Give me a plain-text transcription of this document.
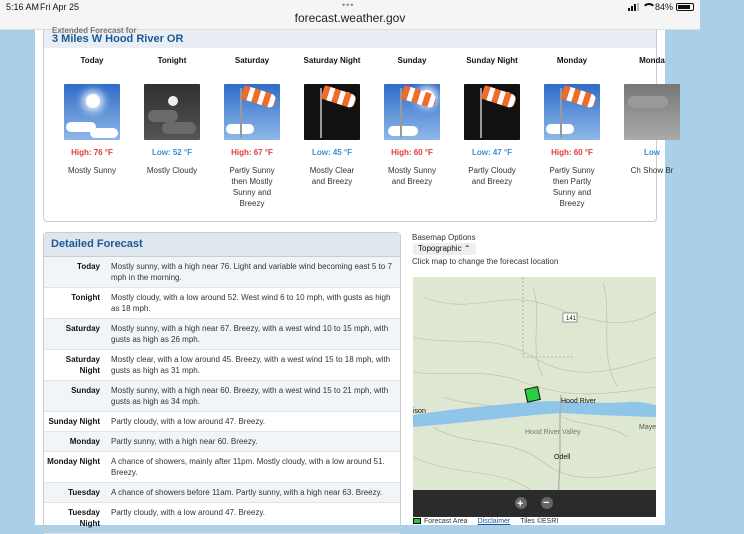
5:16 AM Fri Apr 25	•••	84%
forecast.weather.gov
Extended Forecast for
3 Miles W Hood River OR
Today
High: 76 °F
Mostly Sunny
Tonight
Low: 52 °F
Mostly Cloudy
Saturday
High: 67 °F
Partly Sunny then Mostly Sunny and Breezy
Saturday Night
Low: 45 °F
Mostly Clear and Breezy
Sunday
High: 60 °F
Mostly Sunny and Breezy
Sunday Night
Low: 47 °F
Partly Cloudy and Breezy
Monday
High: 60 °F
Partly Sunny then Partly Sunny and Breezy
Monda
Low
Ch Show Br
Detailed Forecast
Today	Mostly sunny, with a high near 76. Light and variable wind becoming east 5 to 7 mph in the morning.
Tonight	Mostly cloudy, with a low around 52. West wind 6 to 10 mph, with gusts as high as 18 mph.
Saturday	Mostly sunny, with a high near 67. Breezy, with a west wind 10 to 15 mph, with gusts as high as 26 mph.
Saturday Night
Mostly clear, with a low around 45. Breezy, with a west wind 15 to 18 mph, with gusts as high as 31 mph.
Sunday	Mostly sunny, with a high near 60. Breezy, with a west wind 15 to 21 mph, with gusts as high as 34 mph.
Sunday Night	Partly cloudy, with a low around 47. Breezy.
Monday	Partly sunny, with a high near 60. Breezy.
Monday Night	A chance of showers, mainly after 11pm. Mostly cloudy, with a low around 51. Breezy.
Tuesday	A chance of showers before 11am. Partly sunny, with a high near 63. Breezy.
Tuesday Night
Partly cloudy, with a low around 47. Breezy.
Basemap Options
Topographic ⌃
Click map to change the forecast location
141
Hood River
Hood River Valley
Odell
ison
Maye
+ −
Forecast Area Disclaimer Tiles ©ESRI
